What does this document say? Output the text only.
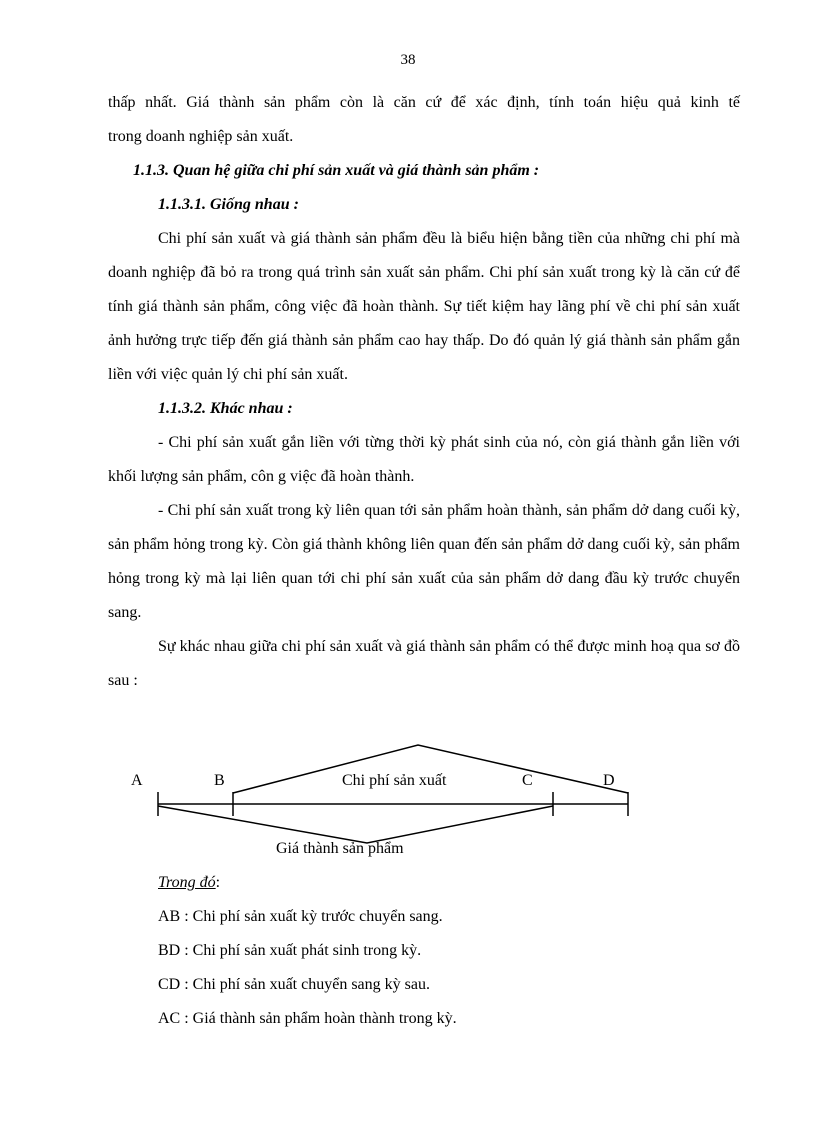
38

thấp nhất. Giá thành sản phẩm còn là căn cứ để xác định, tính toán hiệu quả kinh tế

trong doanh nghiệp sản xuất.

1.1.3. Quan hệ giữa chi phí sản xuất và giá thành sản phẩm :

1.1.3.1. Giống nhau :

Chi phí sản xuất và giá thành sản phẩm đều là biểu hiện bằng tiền của những chi phí mà doanh nghiệp đã bỏ ra trong quá trình sản xuất sản phẩm. Chi phí sản xuất trong kỳ là căn cứ để tính giá thành sản phẩm, công việc đã hoàn thành. Sự tiết kiệm hay lãng phí về chi phí sản xuất ảnh hưởng trực tiếp đến giá thành sản phẩm cao hay thấp. Do đó quản lý giá thành sản phẩm gắn liền với việc quản lý chi phí sản xuất.

1.1.3.2. Khác nhau :

- Chi phí sản xuất gắn liền với từng thời kỳ phát sinh của nó, còn giá thành gắn liền với khối lượng sản phẩm, côn g việc đã hoàn thành.

- Chi phí sản xuất trong kỳ liên quan tới sản phẩm hoàn thành, sản phẩm dở dang cuối kỳ, sản phẩm hỏng trong kỳ. Còn giá thành không liên quan đến sản phẩm dở dang cuối kỳ, sản phẩm hỏng trong kỳ mà lại liên quan tới chi phí sản xuất của sản phẩm dở dang đầu kỳ trước chuyển sang.

Sự khác nhau giữa chi phí sản xuất và giá thành sản phẩm có thể được minh hoạ qua sơ đồ sau :

A	B	C	D
Chi phí sản xuất
Giá thành sản phẩm

Trong đó:

AB : Chi phí sản xuất kỳ trước chuyển sang.

BD : Chi phí sản xuất phát sinh trong kỳ.

CD : Chi phí sản xuất chuyển sang kỳ sau.

AC : Giá thành sản phẩm hoàn thành trong kỳ.
